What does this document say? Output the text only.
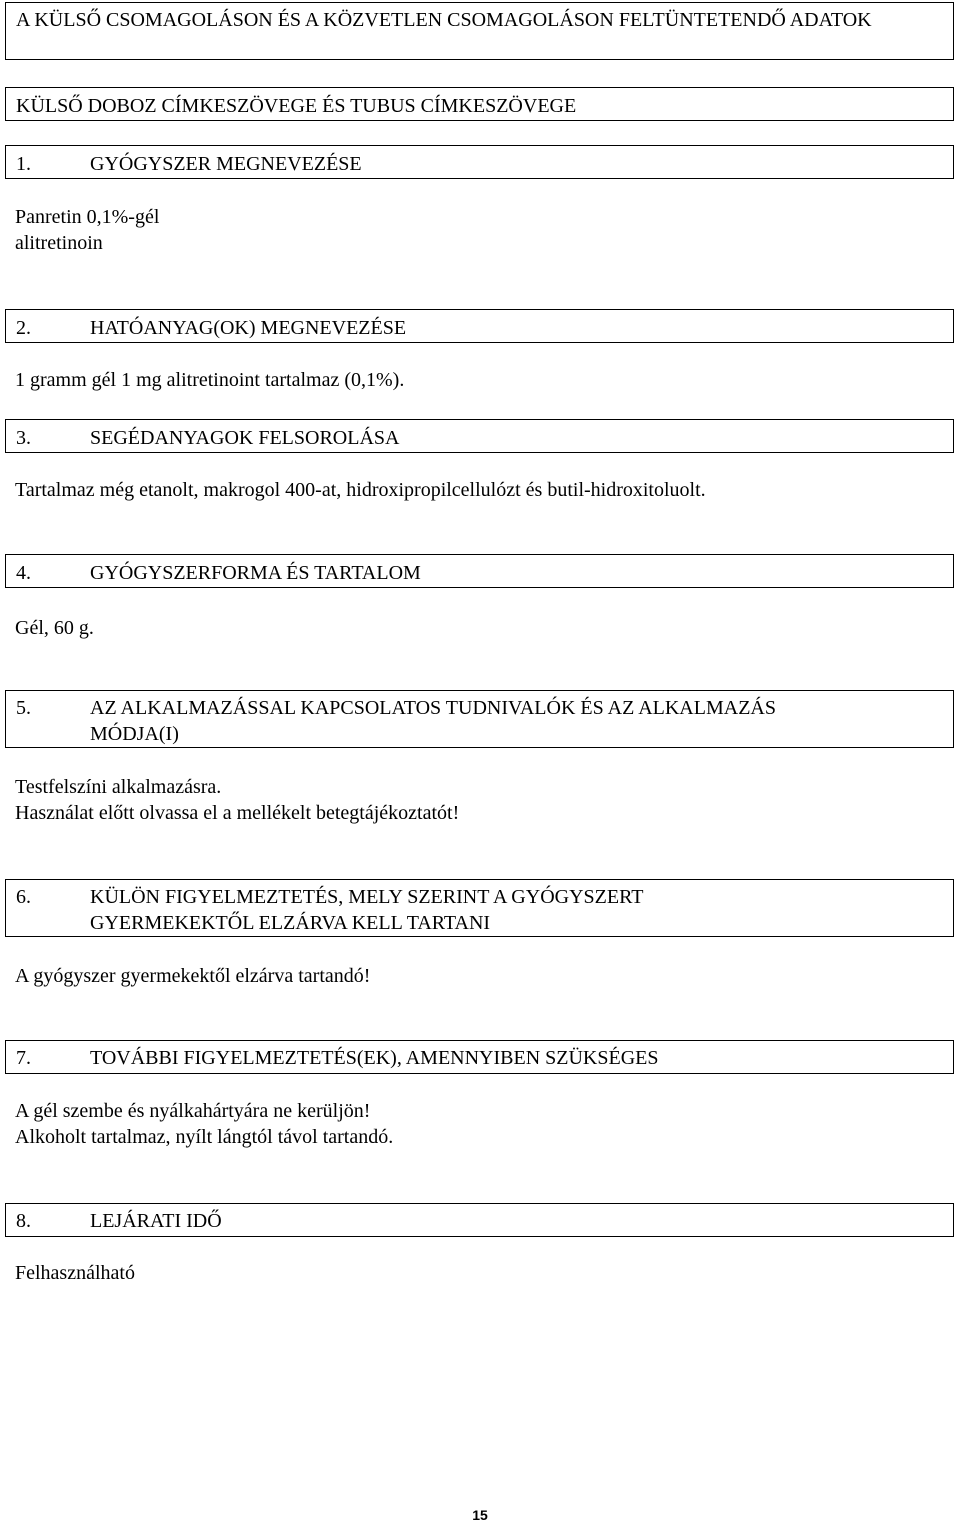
A KÜLSŐ CSOMAGOLÁSON ÉS A KÖZVETLEN CSOMAGOLÁSON FELTÜNTETENDŐ ADATOK
KÜLSŐ DOBOZ CÍMKESZÖVEGE ÉS TUBUS CÍMKESZÖVEGE
1.	GYÓGYSZER MEGNEVEZÉSE
Panretin 0,1%-gél
alitretinoin
2.	HATÓANYAG(OK) MEGNEVEZÉSE
1 gramm gél 1 mg alitretinoint tartalmaz (0,1%).
3.	SEGÉDANYAGOK FELSOROLÁSA
Tartalmaz még etanolt, makrogol 400-at, hidroxipropilcellulózt és butil-hidroxitoluolt.
4.	GYÓGYSZERFORMA ÉS TARTALOM
Gél, 60 g.
5.	AZ ALKALMAZÁSSAL KAPCSOLATOS TUDNIVALÓK ÉS AZ ALKALMAZÁS
MÓDJA(I)
Testfelszíni alkalmazásra.
Használat előtt olvassa el a mellékelt betegtájékoztatót!
6.	KÜLÖN FIGYELMEZTETÉS, MELY SZERINT A GYÓGYSZERT
GYERMEKEKTŐL ELZÁRVA KELL TARTANI
A gyógyszer gyermekektől elzárva tartandó!
7.	TOVÁBBI FIGYELMEZTETÉS(EK), AMENNYIBEN SZÜKSÉGES
A gél szembe és nyálkahártyára ne kerüljön!
Alkoholt tartalmaz, nyílt lángtól távol tartandó.
8.	LEJÁRATI IDŐ
Felhasználható
15
